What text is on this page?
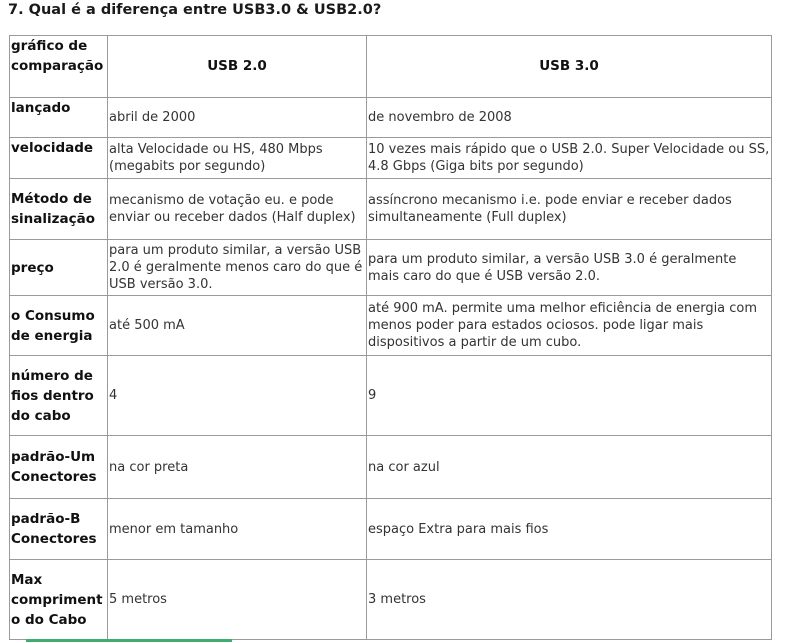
7. Qual é a diferença entre USB3.0 & USB2.0?
gráfico de comparação	USB 2.0	USB 3.0
lançado	abril de 2000	de novembro de 2008
velocidade	alta Velocidade ou HS, 480 Mbps (megabits por segundo)	10 vezes mais rápido que o USB 2.0. Super Velocidade ou SS, 4.8 Gbps (Giga bits por segundo)
Método de sinalização	mecanismo de votação eu. e pode enviar ou receber dados (Half duplex)	assíncrono mecanismo i.e. pode enviar e receber dados simultaneamente (Full duplex)
preço	para um produto similar, a versão USB 2.0 é geralmente menos caro do que é USB versão 3.0.	para um produto similar, a versão USB 3.0 é geralmente mais caro do que é USB versão 2.0.
o Consumo de energia	até 500 mA	até 900 mA. permite uma melhor eficiência de energia com menos poder para estados ociosos. pode ligar mais dispositivos a partir de um cubo.
número de fios dentro do cabo	4	9
padrão-Um Conectores	na cor preta	na cor azul
padrão-B Conectores	menor em tamanho	espaço Extra para mais fios
Max compriment o do Cabo	5 metros	3 metros
